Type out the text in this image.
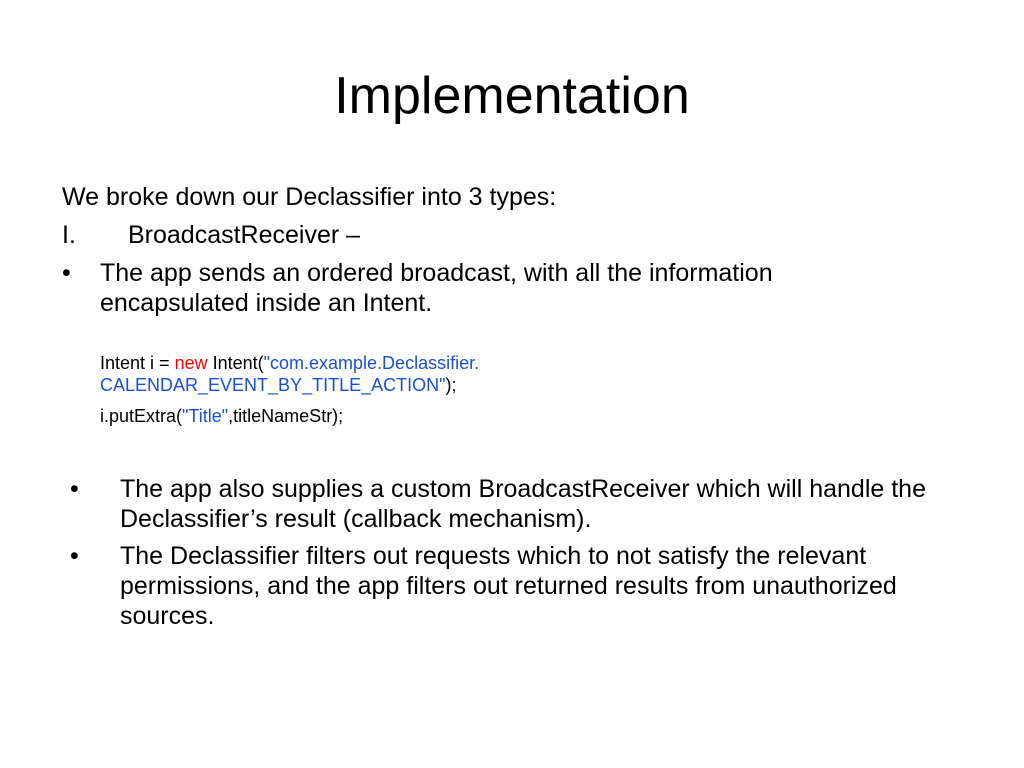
Implementation
We broke down our Declassifier into 3 types:
I. BroadcastReceiver –
• The app sends an ordered broadcast, with all the information encapsulated inside an Intent.
Intent i = new Intent("com.example.Declassifier.
CALENDAR_EVENT_BY_TITLE_ACTION");
i.putExtra("Title",titleNameStr);
• The app also supplies a custom BroadcastReceiver which will handle the Declassifier’s result (callback mechanism).
• The Declassifier filters out requests which to not satisfy the relevant permissions, and the app filters out returned results from unauthorized sources.
